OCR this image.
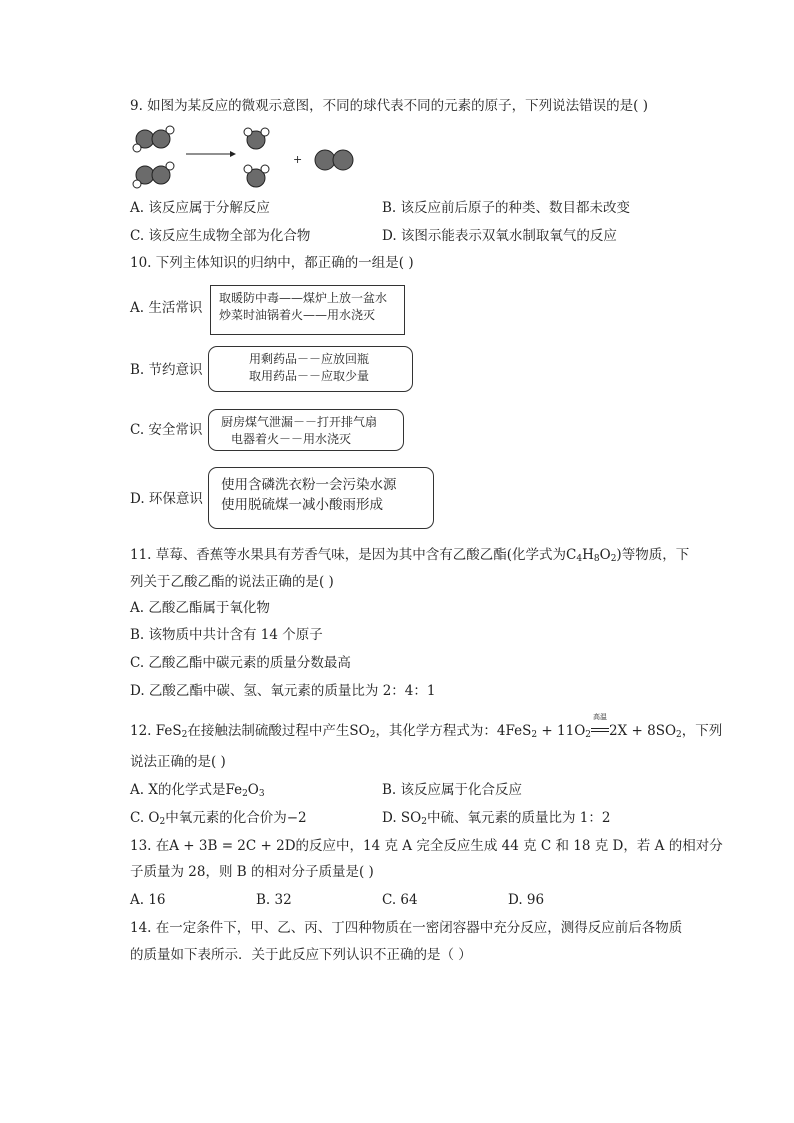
9. 如图为某反应的微观示意图，不同的球代表不同的元素的原子，下列说法错误的是( )
+
A. 该反应属于分解反应	B. 该反应前后原子的种类、数目都未改变
C. 该反应生成物全部为化合物	D. 该图示能表示双氧水制取氧气的反应
10. 下列主体知识的归纳中，都正确的一组是( )
A. 生活常识
取暖防中毒——煤炉上放一盆水
炒菜时油锅着火——用水浇灭
B. 节约意识
用剩药品－－应放回瓶
取用药品－－应取少量
C. 安全常识 厨房煤气泄漏－－打开排气扇
电器着火－－用水浇灭
D. 环保意识
使用含磷洗衣粉一会污染水源
使用脱硫煤一减小酸雨形成
11. 草莓、香蕉等水果具有芳香气味，是因为其中含有乙酸乙酯(化学式为$C_4H_8O_2$)等物质，下
列关于乙酸乙酯的说法正确的是( )
A. 乙酸乙酯属于氧化物
B. 该物质中共计含有 14 个原子
C. 乙酸乙酯中碳元素的质量分数最高
D. 乙酸乙酯中碳、氢、氧元素的质量比为 2：4：1
12. FeS$_2$在接触法制硫酸过程中产生$SO_2$，其化学方程式为：$4FeS_2 + 11O_2$
高温
$2X + 8SO_2$，下列
说法正确的是( )
A. X的化学式是$Fe_2O_3$	B. 该反应属于化合反应
C. $O_2$中氧元素的化合价为−2	D. $SO_2$中硫、氧元素的质量比为 1：2
13. 在A + 3B = 2C + 2D的反应中，14 克 A 完全反应生成 44 克 C 和 18 克 D，若 A 的相对分
子质量为 28，则 B 的相对分子质量是( )
A. 16	B. 32	C. 64	D. 96
14. 在一定条件下，甲、乙、丙、丁四种物质在一密闭容器中充分反应，测得反应前后各物质
的质量如下表所示．关于此反应下列认识不正确的是（ ）
